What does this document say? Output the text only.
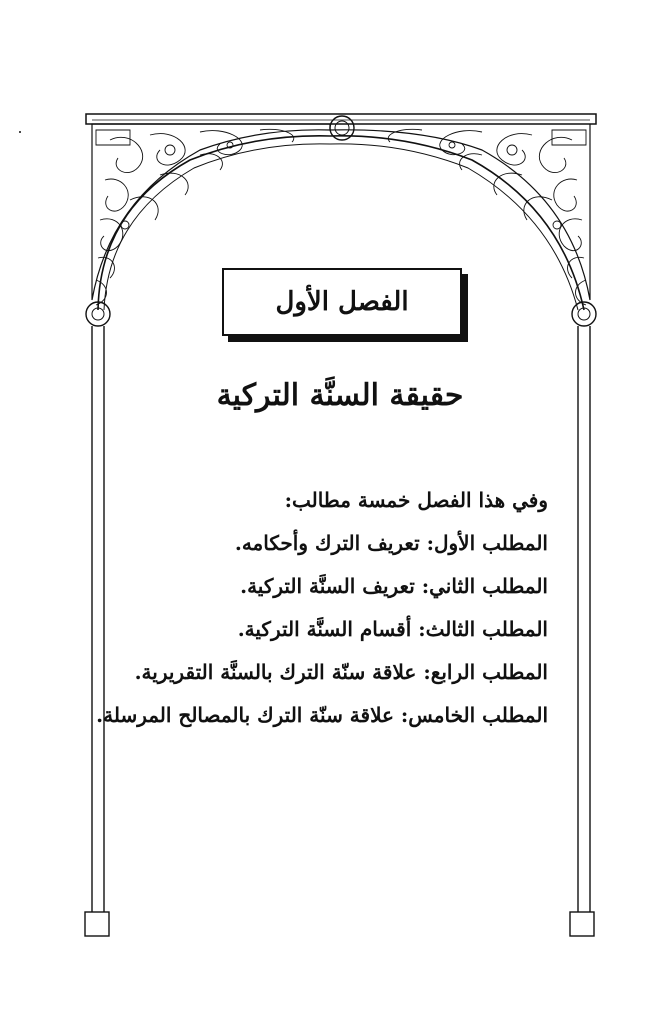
الفصل الأول
حقيقة السنَّة التركية
وفي هذا الفصل خمسة مطالب:
المطلب الأول: تعريف الترك وأحكامه.
المطلب الثاني: تعريف السنَّة التركية.
المطلب الثالث: أقسام السنَّة التركية.
المطلب الرابع: علاقة سنّة الترك بالسنَّة التقريرية.
المطلب الخامس: علاقة سنّة الترك بالمصالح المرسلة.
